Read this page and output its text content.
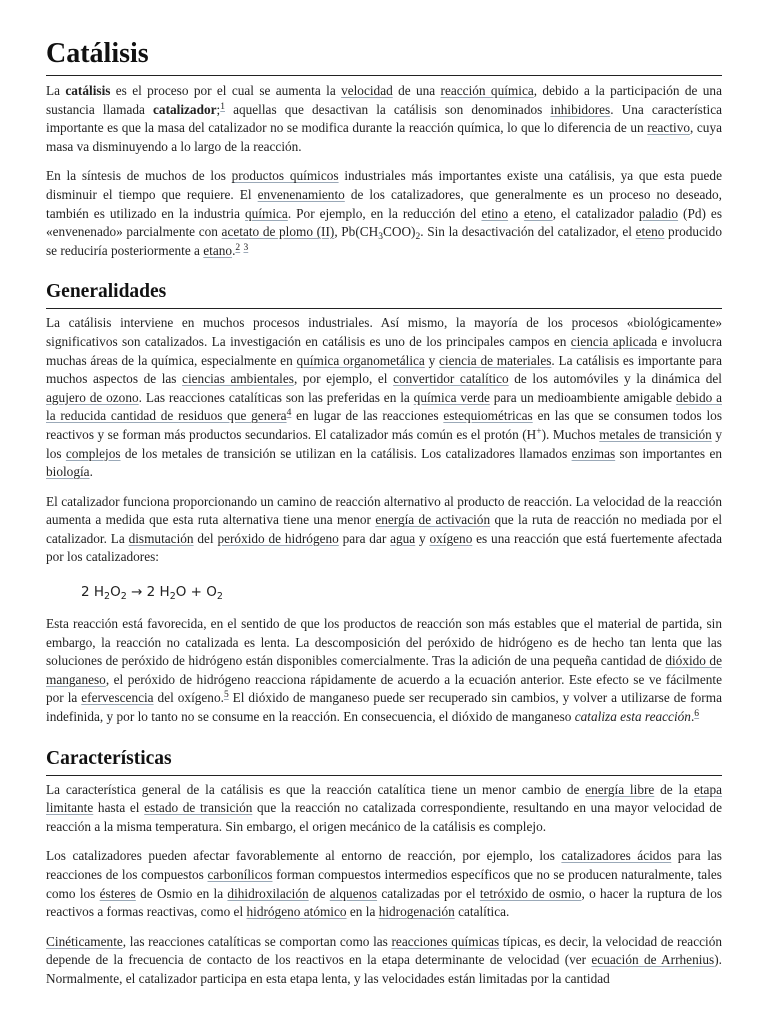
Catálisis

La catálisis es el proceso por el cual se aumenta la velocidad de una reacción química, debido a la participación de una sustancia llamada catalizador;$^1$ aquellas que desactivan la catálisis son denominados inhibidores. Una característica importante es que la masa del catalizador no se modifica durante la reacción química, lo que lo diferencia de un reactivo, cuya masa va disminuyendo a lo largo de la reacción.

En la síntesis de muchos de los productos químicos industriales más importantes existe una catálisis, ya que esta puede disminuir el tiempo que requiere. El envenenamiento de los catalizadores, que generalmente es un proceso no deseado, también es utilizado en la industria química. Por ejemplo, en la reducción del etino a eteno, el catalizador paladio (Pd) es «envenenado» parcialmente con acetato de plomo (II), $Pb(CH_3COO)_2$. Sin la desactivación del catalizador, el eteno producido se reduciría posteriormente a etano.$^2$ $^3$

Generalidades

La catálisis interviene en muchos procesos industriales. Así mismo, la mayoría de los procesos «biológicamente» significativos son catalizados. La investigación en catálisis es uno de los principales campos en ciencia aplicada e involucra muchas áreas de la química, especialmente en química organometálica y ciencia de materiales. La catálisis es importante para muchos aspectos de las ciencias ambientales, por ejemplo, el convertidor catalítico de los automóviles y la dinámica del agujero de ozono. Las reacciones catalíticas son las preferidas en la química verde para un medioambiente amigable debido a la reducida cantidad de residuos que genera$^4$ en lugar de las reacciones estequiométricas en las que se consumen todos los reactivos y se forman más productos secundarios. El catalizador más común es el protón (H+). Muchos metales de transición y los complejos de los metales de transición se utilizan en la catálisis. Los catalizadores llamados enzimas son importantes en biología.

El catalizador funciona proporcionando un camino de reacción alternativo al producto de reacción. La velocidad de la reacción aumenta a medida que esta ruta alternativa tiene una menor energía de activación que la ruta de reacción no mediada por el catalizador. La dismutación del peróxido de hidrógeno para dar agua y oxígeno es una reacción que está fuertemente afectada por los catalizadores:

2 $H_2O_2 \to 2$ $H_2O + O_2$

Esta reacción está favorecida, en el sentido de que los productos de reacción son más estables que el material de partida, sin embargo, la reacción no catalizada es lenta. La descomposición del peróxido de hidrógeno es de hecho tan lenta que las soluciones de peróxido de hidrógeno están disponibles comercialmente. Tras la adición de una pequeña cantidad de dióxido de manganeso, el peróxido de hidrógeno reacciona rápidamente de acuerdo a la ecuación anterior. Este efecto se ve fácilmente por la efervescencia del oxígeno.$^5$ El dióxido de manganeso puede ser recuperado sin cambios, y volver a utilizarse de forma indefinida, y por lo tanto no se consume en la reacción. En consecuencia, el dióxido de manganeso cataliza esta reacción.$^6$

Características

La característica general de la catálisis es que la reacción catalítica tiene un menor cambio de energía libre de la etapa limitante hasta el estado de transición que la reacción no catalizada correspondiente, resultando en una mayor velocidad de reacción a la misma temperatura. Sin embargo, el origen mecánico de la catálisis es complejo.

Los catalizadores pueden afectar favorablemente al entorno de reacción, por ejemplo, los catalizadores ácidos para las reacciones de los compuestos carbonílicos forman compuestos intermedios específicos que no se producen naturalmente, tales como los ésteres de Osmio en la dihidroxilación de alquenos catalizadas por el tetróxido de osmio, o hacer la ruptura de los reactivos a formas reactivas, como el hidrógeno atómico en la hidrogenación catalítica.

Cinéticamente, las reacciones catalíticas se comportan como las reacciones químicas típicas, es decir, la velocidad de reacción depende de la frecuencia de contacto de los reactivos en la etapa determinante de velocidad (ver ecuación de Arrhenius). Normalmente, el catalizador participa en esta etapa lenta, y las velocidades están limitadas por la cantidad
